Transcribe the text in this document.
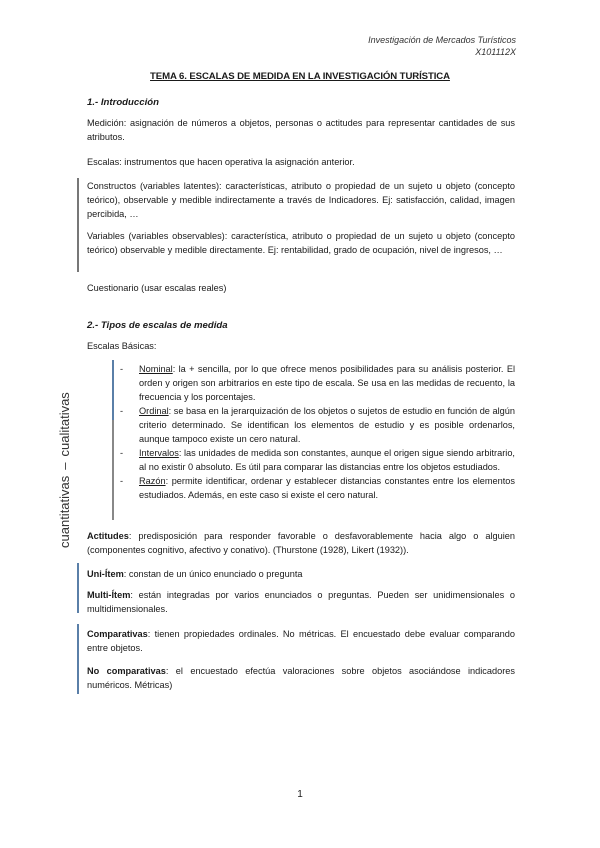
Investigación de Mercados Turísticos
X101112X
TEMA 6. ESCALAS DE MEDIDA EN LA INVESTIGACIÓN TURÍSTICA
1.- Introducción
Medición: asignación de números a objetos, personas o actitudes para representar cantidades de sus atributos.
Escalas: instrumentos que hacen operativa la asignación anterior.
Constructos (variables latentes): características, atributo o propiedad de un sujeto u objeto (concepto teórico), observable y medible indirectamente a través de Indicadores. Ej: satisfacción, calidad, imagen percibida, …
Variables (variables observables): característica, atributo o propiedad de un sujeto u objeto (concepto teórico) observable y medible directamente. Ej: rentabilidad, grado de ocupación, nivel de ingresos, …
Cuestionario (usar escalas reales)
2.- Tipos de escalas de medida
Escalas Básicas:
cuantitativas–cualitativas
- Nominal: la + sencilla, por lo que ofrece menos posibilidades para su análisis posterior. El orden y origen son arbitrarios en este tipo de escala. Se usa en las medidas de recuento, la frecuencia y los porcentajes.
- Ordinal: se basa en la jerarquización de los objetos o sujetos de estudio en función de algún criterio determinado. Se identifican los elementos de estudio y es posible ordenarlos, aunque tampoco existe un cero natural.
- Intervalos: las unidades de medida son constantes, aunque el origen sigue siendo arbitrario, al no existir 0 absoluto. Es útil para comparar las distancias entre los objetos estudiados.
- Razón: permite identificar, ordenar y establecer distancias constantes entre los elementos estudiados. Además, en este caso si existe el cero natural.
Actitudes: predisposición para responder favorable o desfavorablemente hacia algo o alguien (componentes cognitivo, afectivo y conativo). (Thurstone (1928), Likert (1932)).
Uni-Ítem: constan de un único enunciado o pregunta
Multi-Ítem: están integradas por varios enunciados o preguntas. Pueden ser unidimensionales o multidimensionales.
Comparativas: tienen propiedades ordinales. No métricas. El encuestado debe evaluar comparando entre objetos.
No comparativas: el encuestado efectúa valoraciones sobre objetos asociándose indicadores numéricos. Métricas)
1
